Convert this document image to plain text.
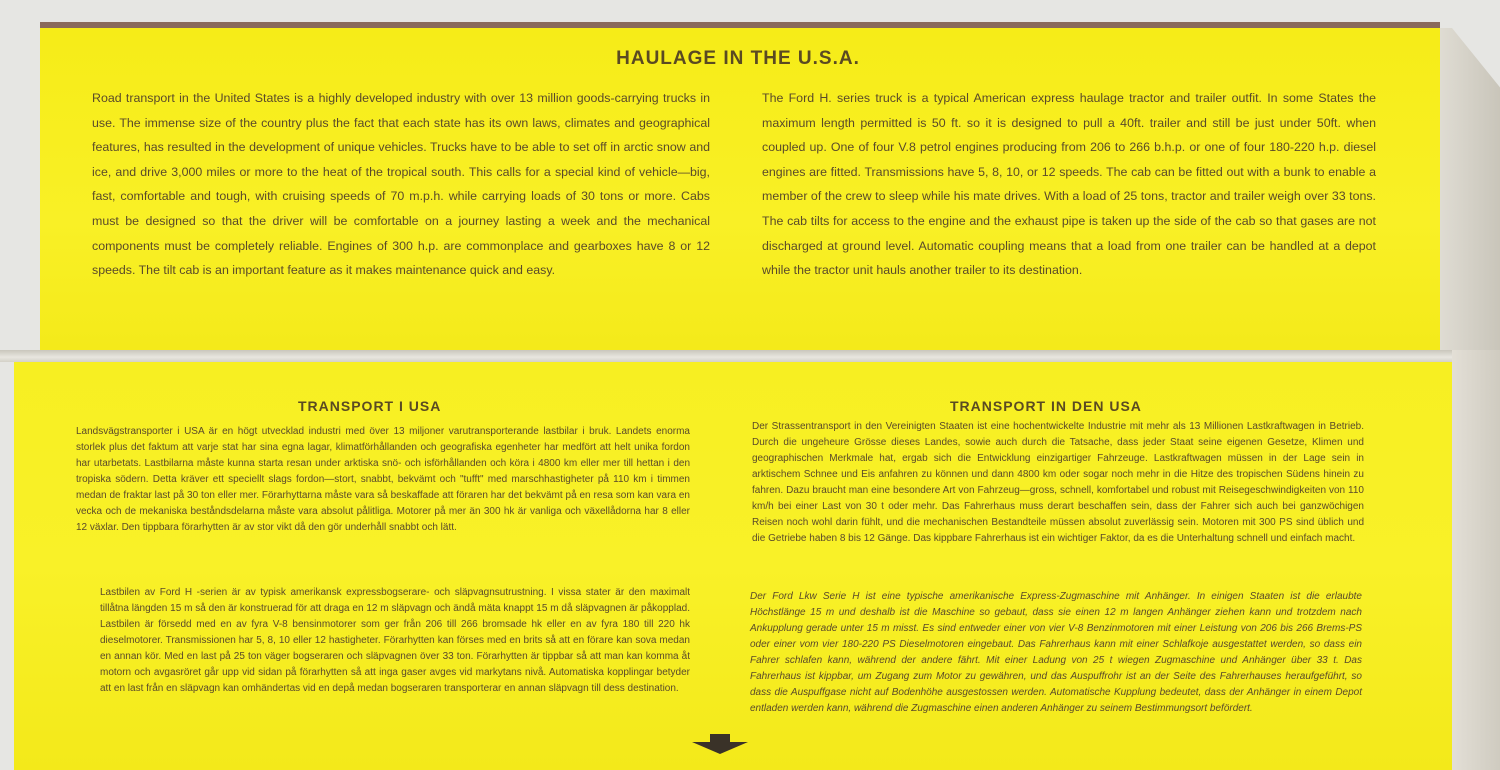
HAULAGE IN THE U.S.A.

Road transport in the United States is a highly developed industry with over 13 million goods-carrying trucks in use. The immense size of the country plus the fact that each state has its own laws, climates and geographical features, has resulted in the development of unique vehicles. Trucks have to be able to set off in arctic snow and ice, and drive 3,000 miles or more to the heat of the tropical south. This calls for a special kind of vehicle—big, fast, comfortable and tough, with cruising speeds of 70 m.p.h. while carrying loads of 30 tons or more. Cabs must be designed so that the driver will be comfortable on a journey lasting a week and the mechanical components must be completely reliable. Engines of 300 h.p. are commonplace and gearboxes have 8 or 12 speeds. The tilt cab is an important feature as it makes maintenance quick and easy.

The Ford H. series truck is a typical American express haulage tractor and trailer outfit. In some States the maximum length permitted is 50 ft. so it is designed to pull a 40ft. trailer and still be just under 50ft. when coupled up. One of four V.8 petrol engines producing from 206 to 266 b.h.p. or one of four 180-220 h.p. diesel engines are fitted. Transmissions have 5, 8, 10, or 12 speeds. The cab can be fitted out with a bunk to enable a member of the crew to sleep while his mate drives. With a load of 25 tons, tractor and trailer weigh over 33 tons. The cab tilts for access to the engine and the exhaust pipe is taken up the side of the cab so that gases are not discharged at ground level. Automatic coupling means that a load from one trailer can be handled at a depot while the tractor unit hauls another trailer to its destination.

TRANSPORT I USA	TRANSPORT IN DEN USA

Landsvägstransporter i USA är en högt utvecklad industri med över 13 miljoner varutransporterande lastbilar i bruk. Landets enorma storlek plus det faktum att varje stat har sina egna lagar, klimatförhållanden och geografiska egenheter har medfört att helt unika fordon har utarbetats. Lastbilarna måste kunna starta resan under arktiska snö- och isförhållanden och köra i 4800 km eller mer till hettan i den tropiska södern. Detta kräver ett speciellt slags fordon—stort, snabbt, bekvämt och "tufft" med marschhastigheter på 110 km i timmen medan de fraktar last på 30 ton eller mer. Förarhyttarna måste vara så beskaffade att föraren har det bekvämt på en resa som kan vara en vecka och de mekaniska beståndsdelarna måste vara absolut pålitliga. Motorer på mer än 300 hk är vanliga och växellådorna har 8 eller 12 växlar. Den tippbara förarhytten är av stor vikt då den gör underhåll snabbt och lätt.

Lastbilen av Ford H -serien är av typisk amerikansk expressbogserare- och släpvagnsutrustning. I vissa stater är den maximalt tillåtna längden 15 m så den är konstruerad för att draga en 12 m släpvagn och ändå mäta knappt 15 m då släpvagnen är påkopplad. Lastbilen är försedd med en av fyra V-8 bensinmotorer som ger från 206 till 266 bromsade hk eller en av fyra 180 till 220 hk dieselmotorer. Transmissionen har 5, 8, 10 eller 12 hastigheter. Förarhytten kan förses med en brits så att en förare kan sova medan en annan kör. Med en last på 25 ton väger bogseraren och släpvagnen över 33 ton. Förarhytten är tippbar så att man kan komma åt motorn och avgasröret går upp vid sidan på förarhytten så att inga gaser avges vid markytans nivå. Automatiska kopplingar betyder att en last från en släpvagn kan omhändertas vid en depå medan bogseraren transporterar en annan släpvagn till dess destination.

Der Strassentransport in den Vereinigten Staaten ist eine hochentwickelte Industrie mit mehr als 13 Millionen Lastkraftwagen in Betrieb. Durch die ungeheure Grösse dieses Landes, sowie auch durch die Tatsache, dass jeder Staat seine eigenen Gesetze, Klimen und geographischen Merkmale hat, ergab sich die Entwicklung einzigartiger Fahrzeuge. Lastkraftwagen müssen in der Lage sein in arktischem Schnee und Eis anfahren zu können und dann 4800 km oder sogar noch mehr in die Hitze des tropischen Südens hinein zu fahren. Dazu braucht man eine besondere Art von Fahrzeug—gross, schnell, komfortabel und robust mit Reisegeschwindigkeiten von 110 km/h bei einer Last von 30 t oder mehr. Das Fahrerhaus muss derart beschaffen sein, dass der Fahrer sich auch bei ganzwöchigen Reisen noch wohl darin fühlt, und die mechanischen Bestandteile müssen absolut zuverlässig sein. Motoren mit 300 PS sind üblich und die Getriebe haben 8 bis 12 Gänge. Das kippbare Fahrerhaus ist ein wichtiger Faktor, da es die Unterhaltung schnell und einfach macht.

Der Ford Lkw Serie H ist eine typische amerikanische Express-Zugmaschine mit Anhänger. In einigen Staaten ist die erlaubte Höchstlänge 15 m und deshalb ist die Maschine so gebaut, dass sie einen 12 m langen Anhänger ziehen kann und trotzdem nach Ankupplung gerade unter 15 m misst. Es sind entweder einer von vier V-8 Benzinmotoren mit einer Leistung von 206 bis 266 Brems-PS oder einer vom vier 180-220 PS Dieselmotoren eingebaut. Das Fahrerhaus kann mit einer Schlafkoje ausgestattet werden, so dass ein Fahrer schlafen kann, während der andere fährt. Mit einer Ladung von 25 t wiegen Zugmaschine und Anhänger über 33 t. Das Fahrerhaus ist kippbar, um Zugang zum Motor zu gewähren, und das Auspuffrohr ist an der Seite des Fahrerhauses heraufgeführt, so dass die Auspuffgase nicht auf Bodenhöhe ausgestossen werden. Automatische Kupplung bedeutet, dass der Anhänger in einem Depot entladen werden kann, während die Zugmaschine einen anderen Anhänger zu seinem Bestimmungsort befördert.
